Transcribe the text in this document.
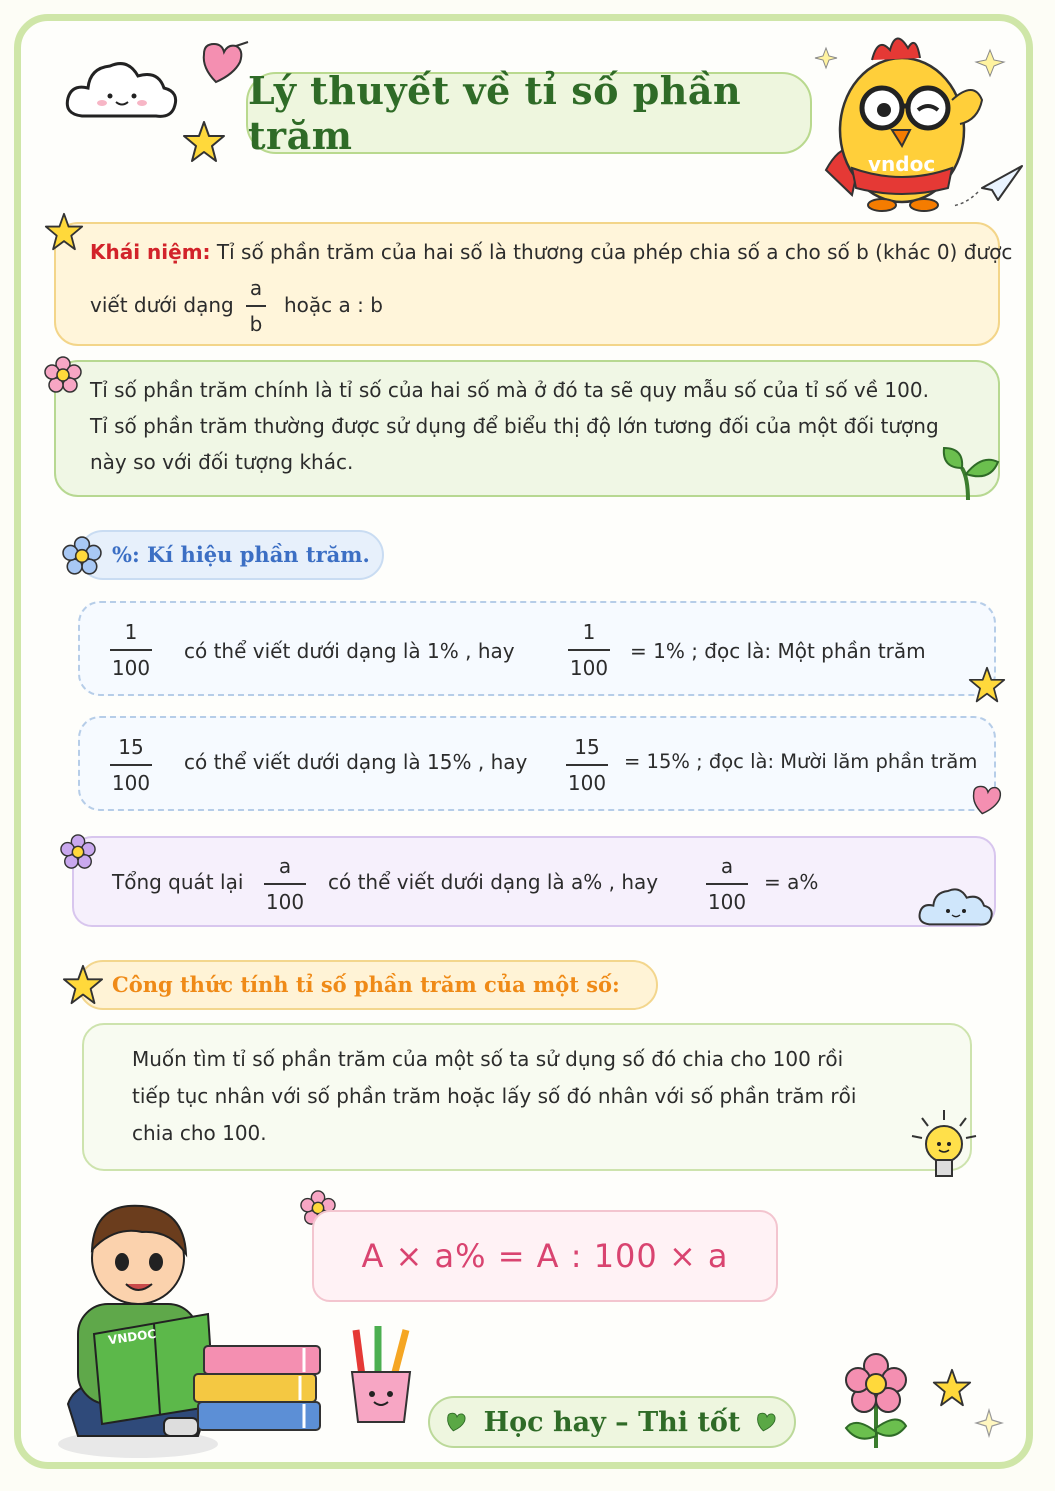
Lý thuyết về tỉ số phần trăm
vndoc
Khái niệm: Tỉ số phần trăm của hai số là thương của phép chia số a cho số b (khác 0) được
viết dưới dạng
a
b
hoặc a : b
Tỉ số phần trăm chính là tỉ số của hai số mà ở đó ta sẽ quy mẫu số của tỉ số về 100.
Tỉ số phần trăm thường được sử dụng để biểu thị độ lớn tương đối của một đối tượng
này so với đối tượng khác.
%: Kí hiệu phần trăm.
1
100
có thể viết dưới dạng là 1% , hay
1
100
= 1% ; đọc là: Một phần trăm
15
100
có thể viết dưới dạng là 15% , hay
15
100
= 15% ; đọc là: Mười lăm phần trăm
Tổng quát lại
a
100
có thể viết dưới dạng là a% , hay
a
100
= a%
Công thức tính tỉ số phần trăm của một số:
Muốn tìm tỉ số phần trăm của một số ta sử dụng số đó chia cho 100 rồi
tiếp tục nhân với số phần trăm hoặc lấy số đó nhân với số phần trăm rồi
chia cho 100.
VNDOC
A × a% = A : 100 × a
Học hay – Thi tốt
